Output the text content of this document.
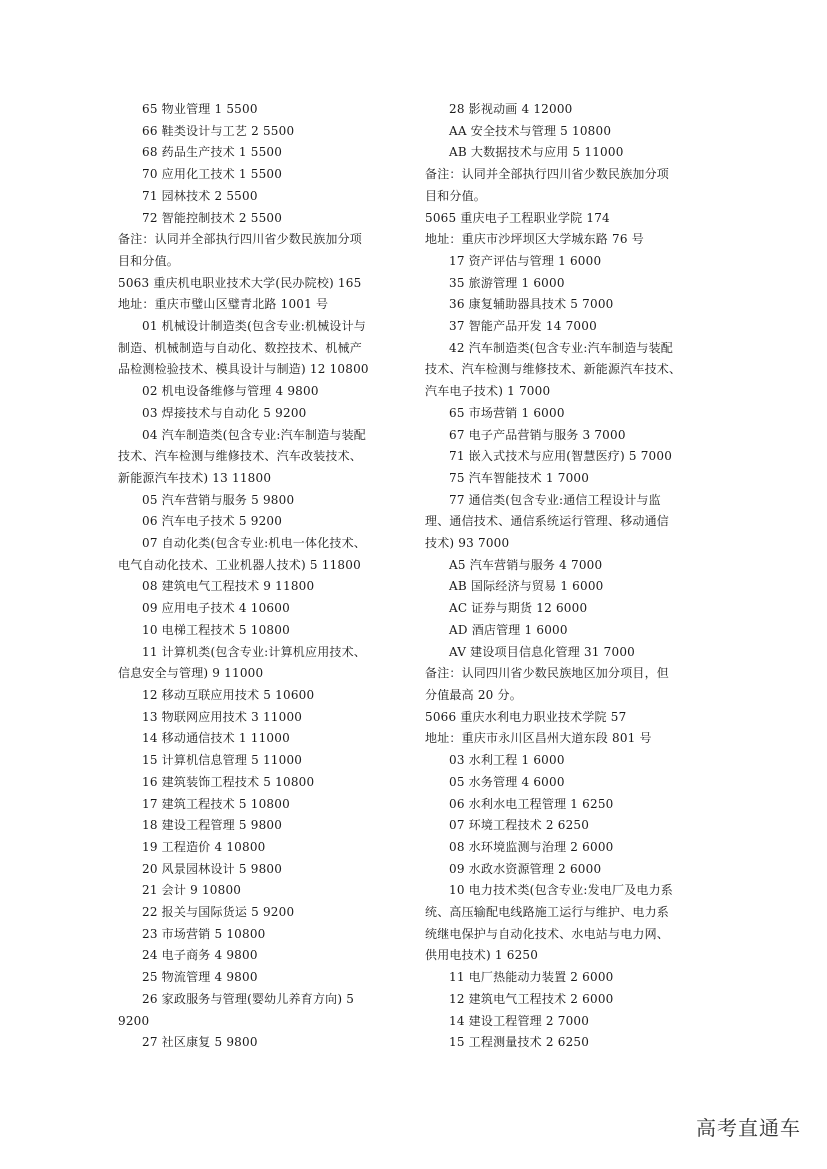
65 物业管理 1 5500
66 鞋类设计与工艺 2 5500
68 药品生产技术 1 5500
70 应用化工技术 1 5500
71 园林技术 2 5500
72 智能控制技术 2 5500
备注：认同并全部执行四川省少数民族加分项
目和分值。
5063 重庆机电职业技术大学(民办院校) 165
地址：重庆市璧山区璧青北路 1001 号
01 机械设计制造类(包含专业:机械设计与
制造、机械制造与自动化、数控技术、机械产
品检测检验技术、模具设计与制造) 12 10800
02 机电设备维修与管理 4 9800
03 焊接技术与自动化 5 9200
04 汽车制造类(包含专业:汽车制造与装配
技术、汽车检测与维修技术、汽车改装技术、
新能源汽车技术) 13 11800
05 汽车营销与服务 5 9800
06 汽车电子技术 5 9200
07 自动化类(包含专业:机电一体化技术、
电气自动化技术、工业机器人技术) 5 11800
08 建筑电气工程技术 9 11800
09 应用电子技术 4 10600
10 电梯工程技术 5 10800
11 计算机类(包含专业:计算机应用技术、
信息安全与管理) 9 11000
12 移动互联应用技术 5 10600
13 物联网应用技术 3 11000
14 移动通信技术 1 11000
15 计算机信息管理 5 11000
16 建筑装饰工程技术 5 10800
17 建筑工程技术 5 10800
18 建设工程管理 5 9800
19 工程造价 4 10800
20 风景园林设计 5 9800
21 会计 9 10800
22 报关与国际货运 5 9200
23 市场营销 5 10800
24 电子商务 4 9800
25 物流管理 4 9800
26 家政服务与管理(婴幼儿养育方向) 5
9200
27 社区康复 5 9800
28 影视动画 4 12000
AA 安全技术与管理 5 10800
AB 大数据技术与应用 5 11000
备注：认同并全部执行四川省少数民族加分项
目和分值。
5065 重庆电子工程职业学院 174
地址：重庆市沙坪坝区大学城东路 76 号
17 资产评估与管理 1 6000
35 旅游管理 1 6000
36 康复辅助器具技术 5 7000
37 智能产品开发 14 7000
42 汽车制造类(包含专业:汽车制造与装配
技术、汽车检测与维修技术、新能源汽车技术、
汽车电子技术) 1 7000
65 市场营销 1 6000
67 电子产品营销与服务 3 7000
71 嵌入式技术与应用(智慧医疗) 5 7000
75 汽车智能技术 1 7000
77 通信类(包含专业:通信工程设计与监
理、通信技术、通信系统运行管理、移动通信
技术) 93 7000
A5 汽车营销与服务 4 7000
AB 国际经济与贸易 1 6000
AC 证券与期货 12 6000
AD 酒店管理 1 6000
AV 建设项目信息化管理 31 7000
备注：认同四川省少数民族地区加分项目，但
分值最高 20 分。
5066 重庆水利电力职业技术学院 57
地址：重庆市永川区昌州大道东段 801 号
03 水利工程 1 6000
05 水务管理 4 6000
06 水利水电工程管理 1 6250
07 环境工程技术 2 6250
08 水环境监测与治理 2 6000
09 水政水资源管理 2 6000
10 电力技术类(包含专业:发电厂及电力系
统、高压输配电线路施工运行与维护、电力系
统继电保护与自动化技术、水电站与电力网、
供用电技术) 1 6250
11 电厂热能动力装置 2 6000
12 建筑电气工程技术 2 6000
14 建设工程管理 2 7000
15 工程测量技术 2 6250
高考直通车
